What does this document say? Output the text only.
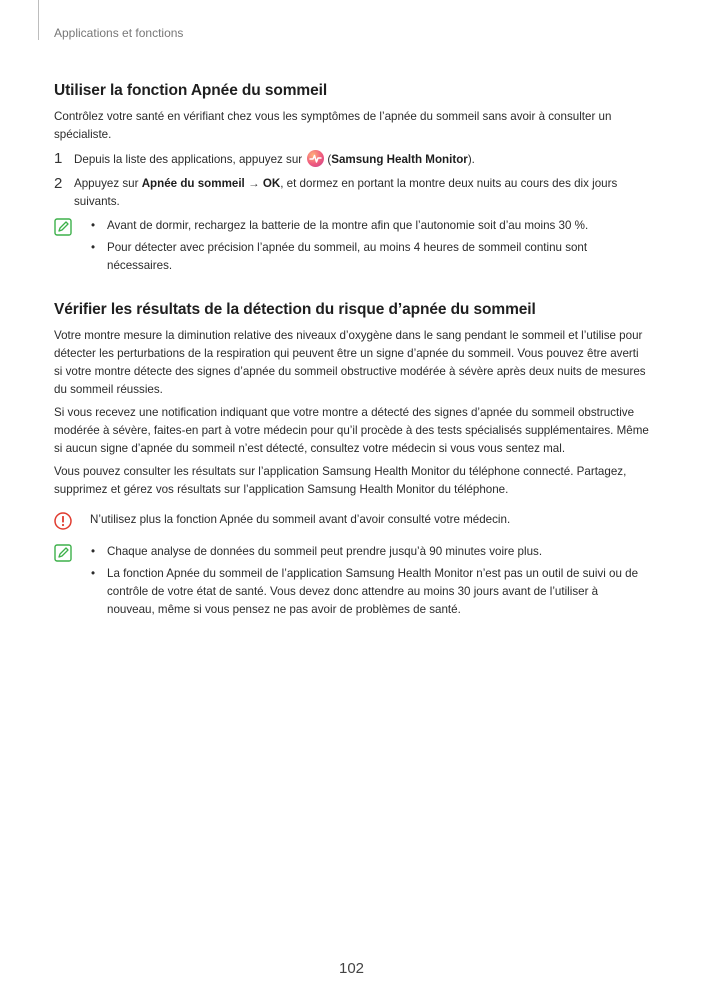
Applications et fonctions
Utiliser la fonction Apnée du sommeil

Contrôlez votre santé en vérifiant chez vous les symptômes de l’apnée du sommeil sans avoir à consulter un spécialiste.

1	Depuis la liste des applications, appuyez sur (Samsung Health Monitor).
2	Appuyez sur Apnée du sommeil → OK, et dormez en portant la montre deux nuits au cours des dix jours suivants.
• Avant de dormir, rechargez la batterie de la montre afin que l’autonomie soit d’au moins 30 %.
• Pour détecter avec précision l’apnée du sommeil, au moins 4 heures de sommeil continu sont nécessaires.
Vérifier les résultats de la détection du risque d’apnée du sommeil

Votre montre mesure la diminution relative des niveaux d’oxygène dans le sang pendant le sommeil et l’utilise pour détecter les perturbations de la respiration qui peuvent être un signe d’apnée du sommeil. Vous pouvez être averti si votre montre détecte des signes d’apnée du sommeil obstructive modérée à sévère après deux nuits de mesures du sommeil réussies.

Si vous recevez une notification indiquant que votre montre a détecté des signes d’apnée du sommeil obstructive modérée à sévère, faites-en part à votre médecin pour qu’il procède à des tests spécialisés supplémentaires. Même si aucun signe d’apnée du sommeil n’est détecté, consultez votre médecin si vous vous sentez mal.

Vous pouvez consulter les résultats sur l’application Samsung Health Monitor du téléphone connecté. Partagez, supprimez et gérez vos résultats sur l’application Samsung Health Monitor du téléphone.

N’utilisez plus la fonction Apnée du sommeil avant d’avoir consulté votre médecin.
• Chaque analyse de données du sommeil peut prendre jusqu’à 90 minutes voire plus.
• La fonction Apnée du sommeil de l’application Samsung Health Monitor n’est pas un outil de suivi ou de contrôle de votre état de santé. Vous devez donc attendre au moins 30 jours avant de l’utiliser à nouveau, même si vous pensez ne pas avoir de problèmes de santé.
102
